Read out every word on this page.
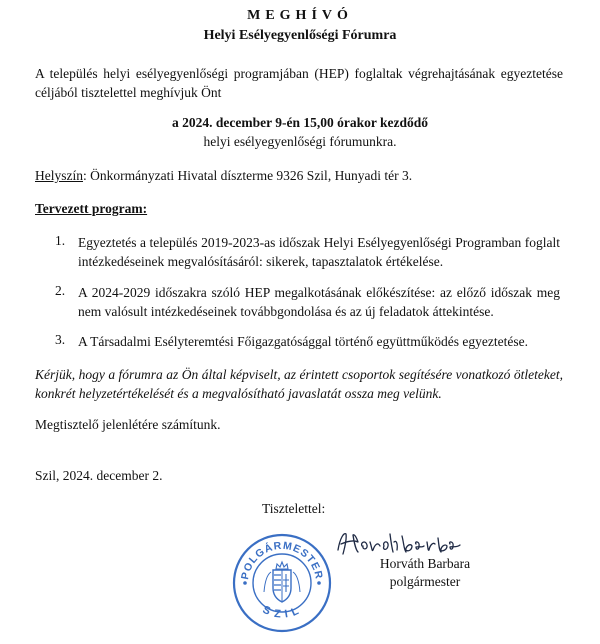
MEGHÍVÓ
Helyi Esélyegyenlőségi Fórumra
A település helyi esélyegyenlőségi programjában (HEP) foglaltak végrehajtásának egyeztetése céljából tisztelettel meghívjuk Önt
a 2024. december 9-én 15,00 órakor kezdődő
helyi esélyegyenlőségi fórumunkra.
Helyszín: Önkormányzati Hivatal díszterme 9326 Szil, Hunyadi tér 3.
Tervezett program:
1. Egyeztetés a település 2019-2023-as időszak Helyi Esélyegyenlőségi Programban foglalt intézkedéseinek megvalósításáról: sikerek, tapasztalatok értékelése.
2. A 2024-2029 időszakra szóló HEP megalkotásának előkészítése: az előző időszak meg nem valósult intézkedéseinek továbbgondolása és az új feladatok áttekintése.
3. A Társadalmi Esélyteremtési Főigazgatósággal történő együttműködés egyeztetése.
Kérjük, hogy a fórumra az Ön által képviselt, az érintett csoportok segítésére vonatkozó ötleteket, konkrét helyzetértékelését és a megvalósítható javaslatát ossza meg velünk.
Megtisztelő jelenlétére számítunk.
Szil, 2024. december 2.
Tisztelettel:
Horváth Barbara
polgármester
POLGÁRMESTER
SZIL
